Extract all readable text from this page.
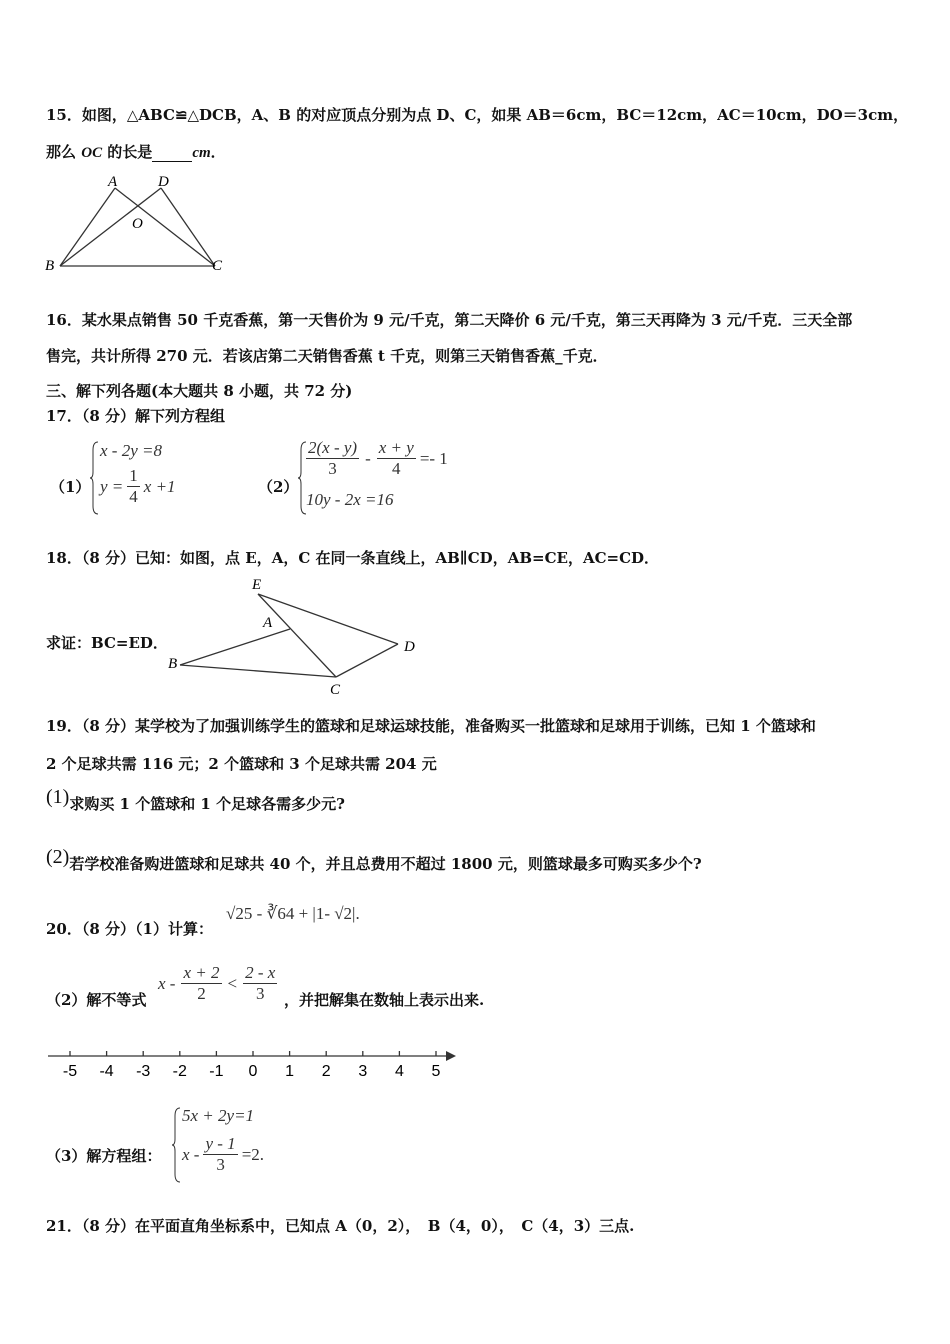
15．如图，△ABC≌△DCB，A、B 的对应顶点分别为点 D、C，如果 AB＝6cm，BC＝12cm，AC＝10cm，DO＝3cm，
那么 OC 的长是	cm．
A	D
O
B	C
16．某水果点销售 50 千克香蕉，第一天售价为 9 元/千克，第二天降价 6 元/千克，第三天再降为 3 元/千克．三天全部
售完，共计所得 270 元．若该店第二天销售香蕉 t 千克，则第三天销售香蕉_千克．
三、解下列各题(本大题共 8 小题，共 72 分)
17．（8 分）解下列方程组
（1）
x - 2y =8
$y = \frac{1}{4}$ x +1	（2）
$\frac{2(x - y)}{3} - \frac{x + y}{4} =- 1$
10y - 2x =16
18．（8 分）已知：如图，点 E，A，C 在同一条直线上，AB∥CD，AB=CE，AC=CD．
求证：BC=ED．
E
A
B
C
D
19．（8 分）某学校为了加强训练学生的篮球和足球运球技能，准备购买一批篮球和足球用于训练，已知 1 个篮球和
2 个足球共需 116 元；2 个篮球和 3 个足球共需 204 元
(1)求购买 1 个篮球和 1 个足球各需多少元?
(2)若学校准备购进篮球和足球共 40 个，并且总费用不超过 1800 元，则篮球最多可购买多少个?
20．（8 分）（1）计算：
√25 - ∛64 + |1- √2|.
（2）解不等式
$x - \frac{x + 2}{2} < \frac{2 - x}{3}$ ，并把解集在数轴上表示出来.
-5 -4 -3 -2 -1 0 1 2 3 4 5
（3）解方程组：
5x + 2y=1
$x - \frac{y - 1}{3} =2$ .
21．（8 分）在平面直角坐标系中，已知点 A（0，2），　B（4，0），　C（4，3）三点.
